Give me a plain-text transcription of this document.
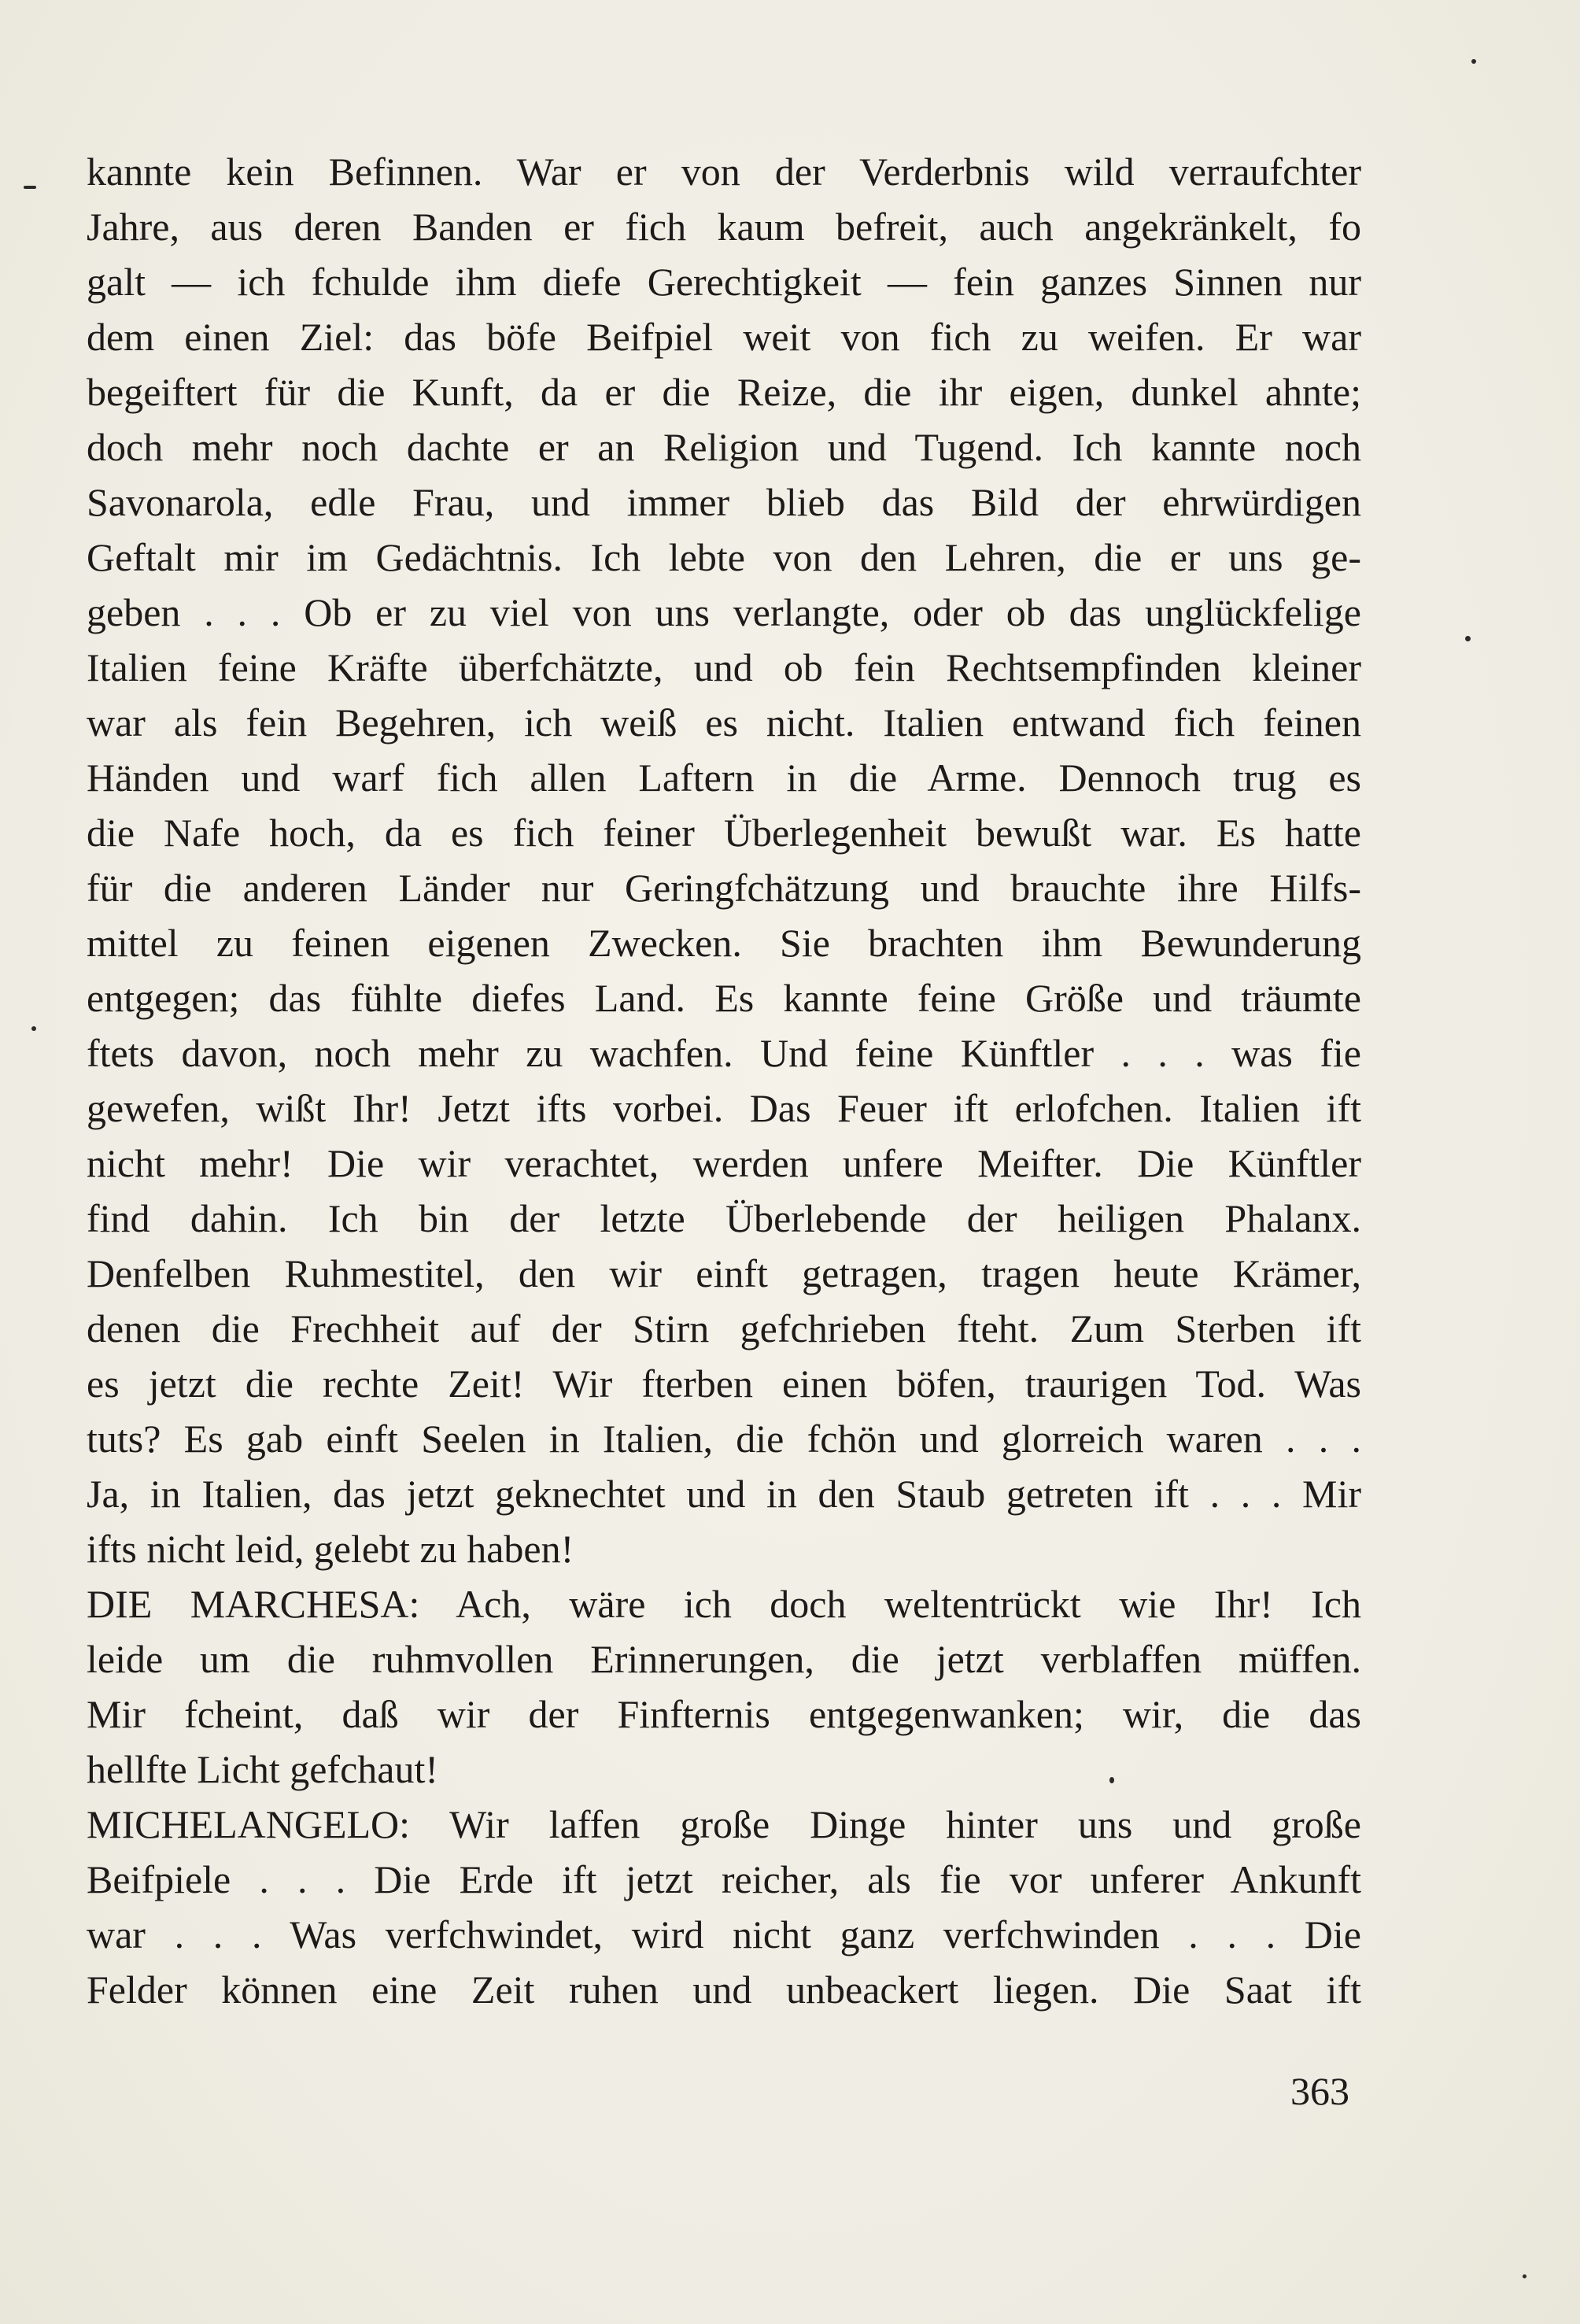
kannte kein Befinnen. War er von der Verderbnis wild verraufchter
Jahre, aus deren Banden er fich kaum befreit, auch angekränkelt, fo
galt — ich fchulde ihm diefe Gerechtigkeit — fein ganzes Sinnen nur
dem einen Ziel: das böfe Beifpiel weit von fich zu weifen. Er war
begeiftert für die Kunft, da er die Reize, die ihr eigen, dunkel ahnte;
doch mehr noch dachte er an Religion und Tugend. Ich kannte noch
Savonarola, edle Frau, und immer blieb das Bild der ehrwürdigen
Geftalt mir im Gedächtnis. Ich lebte von den Lehren, die er uns ge-
geben . . . Ob er zu viel von uns verlangte, oder ob das unglückfelige
Italien feine Kräfte überfchätzte, und ob fein Rechtsempfinden kleiner
war als fein Begehren, ich weiß es nicht. Italien entwand fich feinen
Händen und warf fich allen Laftern in die Arme. Dennoch trug es
die Nafe hoch, da es fich feiner Überlegenheit bewußt war. Es hatte
für die anderen Länder nur Geringfchätzung und brauchte ihre Hilfs-
mittel zu feinen eigenen Zwecken. Sie brachten ihm Bewunderung
entgegen; das fühlte diefes Land. Es kannte feine Größe und träumte
ftets davon, noch mehr zu wachfen. Und feine Künftler . . . was fie
gewefen, wißt Ihr! Jetzt ifts vorbei. Das Feuer ift erlofchen. Italien ift
nicht mehr! Die wir verachtet, werden unfere Meifter. Die Künftler
find dahin. Ich bin der letzte Überlebende der heiligen Phalanx.
Denfelben Ruhmestitel, den wir einft getragen, tragen heute Krämer,
denen die Frechheit auf der Stirn gefchrieben fteht. Zum Sterben ift
es jetzt die rechte Zeit! Wir fterben einen böfen, traurigen Tod. Was
tuts? Es gab einft Seelen in Italien, die fchön und glorreich waren . . .
Ja, in Italien, das jetzt geknechtet und in den Staub getreten ift . . . Mir
ifts nicht leid, gelebt zu haben!
DIE MARCHESA: Ach, wäre ich doch weltentrückt wie Ihr! Ich
leide um die ruhmvollen Erinnerungen, die jetzt verblaffen müffen.
Mir fcheint, daß wir der Finfternis entgegenwanken; wir, die das
hellfte Licht gefchaut!
MICHELANGELO: Wir laffen große Dinge hinter uns und große
Beifpiele . . . Die Erde ift jetzt reicher, als fie vor unferer Ankunft
war . . . Was verfchwindet, wird nicht ganz verfchwinden . . . Die
Felder können eine Zeit ruhen und unbeackert liegen. Die Saat ift
363
